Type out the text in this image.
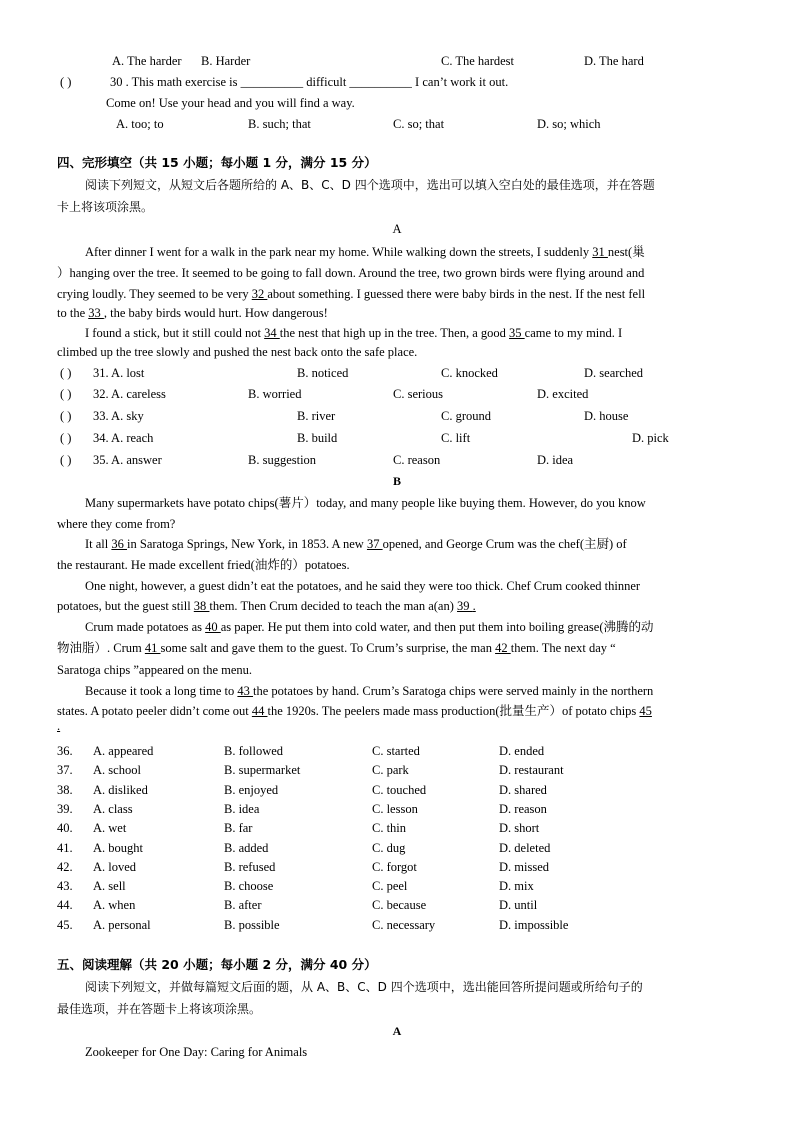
A. The harder B. Harder	C. The hardest	D. The hard
( )	30 . This math exercise is __________ difficult __________ I can’t work it out.
Come on! Use your head and you will find a way.
A. too; to	B. such; that	C. so; that	D. so; which
四、完形填空（共 15 小题；每小题 1 分，满分 15 分）
阅读下列短文，从短文后各题所给的 A、B、C、D 四个选项中，选出可以填入空白处的最佳选项，并在答题
卡上将该项涂黑。
A
After dinner I went for a walk in the park near my home. While walking down the streets, I suddenly 31 nest(巢
）hanging over the tree. It seemed to be going to fall down. Around the tree, two grown birds were flying around and
crying loudly. They seemed to be very 32 about something. I guessed there were baby birds in the nest. If the nest fell
to the 33 , the baby birds would hurt. How dangerous!
I found a stick, but it still could not 34 the nest that high up in the tree. Then, a good 35 came to my mind. I
climbed up the tree slowly and pushed the nest back onto the safe place.
( ) 31. A. lost	B. noticed	C. knocked	D. searched
( ) 32. A. careless	B. worried	C. serious	D. excited
( ) 33. A. sky	B. river	C. ground	D. house
( ) 34. A. reach	B. build	C. lift	D. pick
( ) 35. A. answer	B. suggestion	C. reason	D. idea
B
Many supermarkets have potato chips(薯片）today, and many people like buying them. However, do you know
where they come from?
It all 36 in Saratoga Springs, New York, in 1853. A new 37 opened, and George Crum was the chef(主厨) of
the restaurant. He made excellent fried(油炸的）potatoes.
One night, however, a guest didn’t eat the potatoes, and he said they were too thick. Chef Crum cooked thinner
potatoes, but the guest still 38 them. Then Crum decided to teach the man a(an) 39 .
Crum made potatoes as 40 as paper. He put them into cold water, and then put them into boiling grease(沸腾的动
物油脂）. Crum 41 some salt and gave them to the guest. To Crum’s surprise, the man 42 them. The next day “
Saratoga chips ”appeared on the menu.
Because it took a long time to 43 the potatoes by hand. Crum’s Saratoga chips were served mainly in the northern
states. A potato peeler didn’t come out 44 the 1920s. The peelers made mass production(批量生产）of potato chips 45
.
36. A. appeared	B. followed	C. started	D. ended
37. A. school	B. supermarket	C. park	D. restaurant
38. A. disliked	B. enjoyed	C. touched	D. shared
39. A. class	B. idea	C. lesson	D. reason
40. A. wet	B. far	C. thin	D. short
41. A. bought	B. added	C. dug	D. deleted
42. A. loved	B. refused	C. forgot	D. missed
43. A. sell	B. choose	C. peel	D. mix
44. A. when	B. after	C. because	D. until
45. A. personal	B. possible	C. necessary	D. impossible
五、阅读理解（共 20 小题；每小题 2 分，满分 40 分）
阅读下列短文，并做每篇短文后面的题，从 A、B、C、D 四个选项中，选出能回答所提问题或所给句子的
最佳选项，并在答题卡上将该项涂黑。
A
Zookeeper for One Day: Caring for Animals
